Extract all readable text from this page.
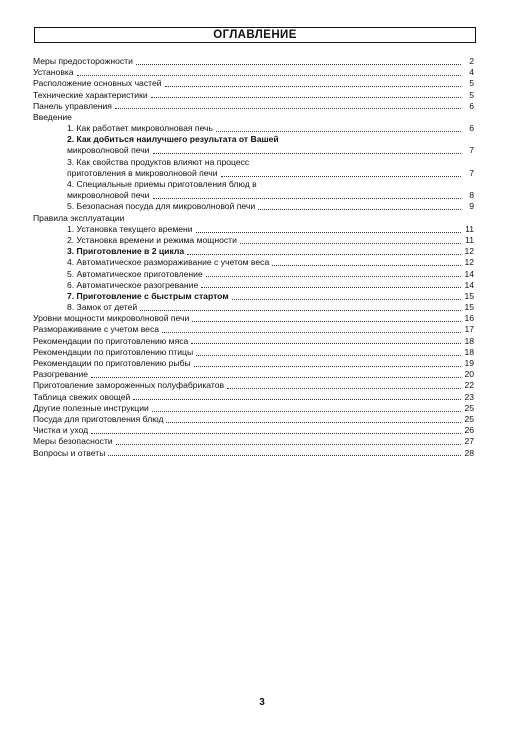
ОГЛАВЛЕНИЕ
Меры предосторожности	2
Установка	4
Расположение основных частей	5
Технические характеристики	5
Панель управления	6
Введение
1. Как работает микроволновая печь	6
2. Как добиться наилучшего результата от Вашей
микроволновой печи	7
3. Как свойства продуктов влияют на процесс
приготовления в микроволновой печи	7
4. Специальные приемы приготовления блюд в
микроволновой печи	8
5. Безопасная посуда для микроволновой печи	9
Правила эксплуатации
1. Установка текущего времени	11
2. Установка времени и режима мощности	11
3. Приготовление в 2 цикла	12
4. Автоматическое размораживание с учетом веса	12
5. Автоматическое приготовление	14
6. Автоматическое разогревание	14
7. Приготовление с быстрым стартом	15
8. Замок от детей	15
Уровни мощности микроволновой печи	16
Размораживание с учетом веса	17
Рекомендации по приготовлению мяса	18
Рекомендации по приготовлению птицы	18
Рекомендации по приготовлению рыбы	19
Разогревание	20
Приготовление замороженных полуфабрикатов	22
Таблица свежих овощей	23
Другие полезные инструкции	25
Посуда для приготовления блюд	25
Чистка и уход	26
Меры безопасности	27
Вопросы и ответы	28
3
